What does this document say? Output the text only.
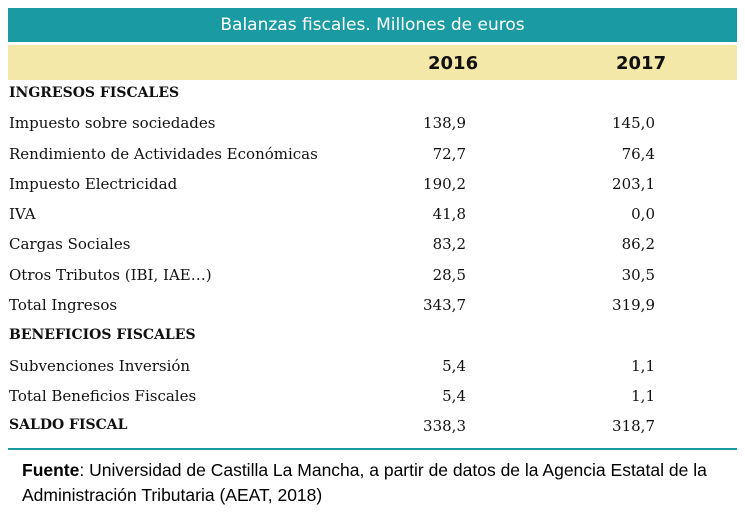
Balanzas fiscales. Millones de euros
2016	2017
INGRESOS FISCALES
Impuesto sobre sociedades	138,9	145,0
Rendimiento de Actividades Económicas	72,7	76,4
Impuesto Electricidad	190,2	203,1
IVA	41,8	0,0
Cargas Sociales	83,2	86,2
Otros Tributos (IBI, IAE…)	28,5	30,5
Total Ingresos	343,7	319,9
BENEFICIOS FISCALES
Subvenciones Inversión	5,4	1,1
Total Beneficios Fiscales	5,4	1,1
SALDO FISCAL	338,3	318,7
Fuente: Universidad de Castilla La Mancha, a partir de datos de la Agencia Estatal de la Administración Tributaria (AEAT, 2018)
